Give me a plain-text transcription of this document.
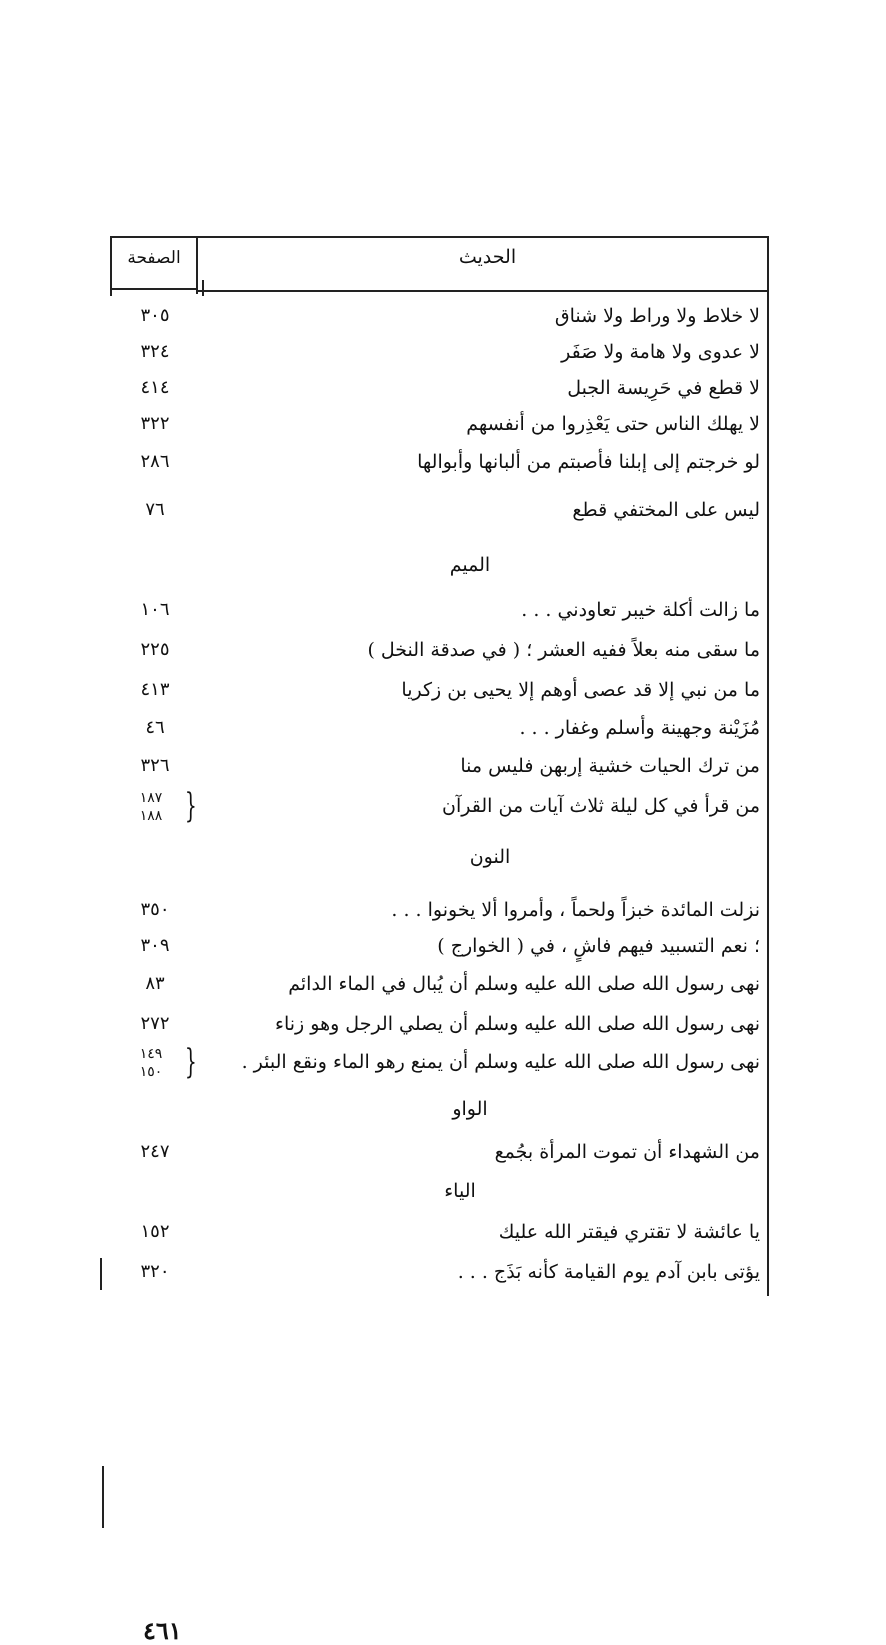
الحديث
الصفحة
لا خلاط ولا وراط ولا شناق
٣٠٥
لا عدوى ولا هامة ولا صَفَر
٣٢٤
لا قطع في حَرِيسة الجبل
٤١٤
لا يهلك الناس حتى يَعْذِروا من أنفسهم
٣٢٢
لو خرجتم إلى إبلنا فأصبتم من ألبانها وأبوالها
٢٨٦
ليس على المختفي قطع
٧٦
الميم
ما زالت أكلة خيبر تعاودني . . .
١٠٦
ما سقى منه بعلاً ففيه العشر ؛ ( في صدقة النخل )
٢٢٥
ما من نبي إلا قد عصى أوهم إلا يحيى بن زكريا
٤١٣
مُزَيْنة وجهينة وأسلم وغفار . . .
٤٦
من ترك الحيات خشية إربهن فليس منا
٣٢٦
من قرأ في كل ليلة ثلاث آيات من القرآن
١٨٧
١٨٨ }
النون
نزلت المائدة خبزاً ولحماً ، وأمروا ألا يخونوا . . .
٣٥٠
؛ نعم التسبيد فيهم فاشٍ ، في ( الخوارج )
٣٠٩
نهى رسول الله صلى الله عليه وسلم أن يُبال في الماء الدائم
٨٣
نهى رسول الله صلى الله عليه وسلم أن يصلي الرجل وهو زناء
٢٧٢
نهى رسول الله صلى الله عليه وسلم أن يمنع رهو الماء ونقع البئر .
١٤٩
١٥٠ }
الواو
من الشهداء أن تموت المرأة بجُمع
٢٤٧
الياء
يا عائشة لا تقتري فيقتر الله عليك
١٥٢
يؤتى بابن آدم يوم القيامة كأنه بَذَج . . .
٣٢٠
٤٦١
